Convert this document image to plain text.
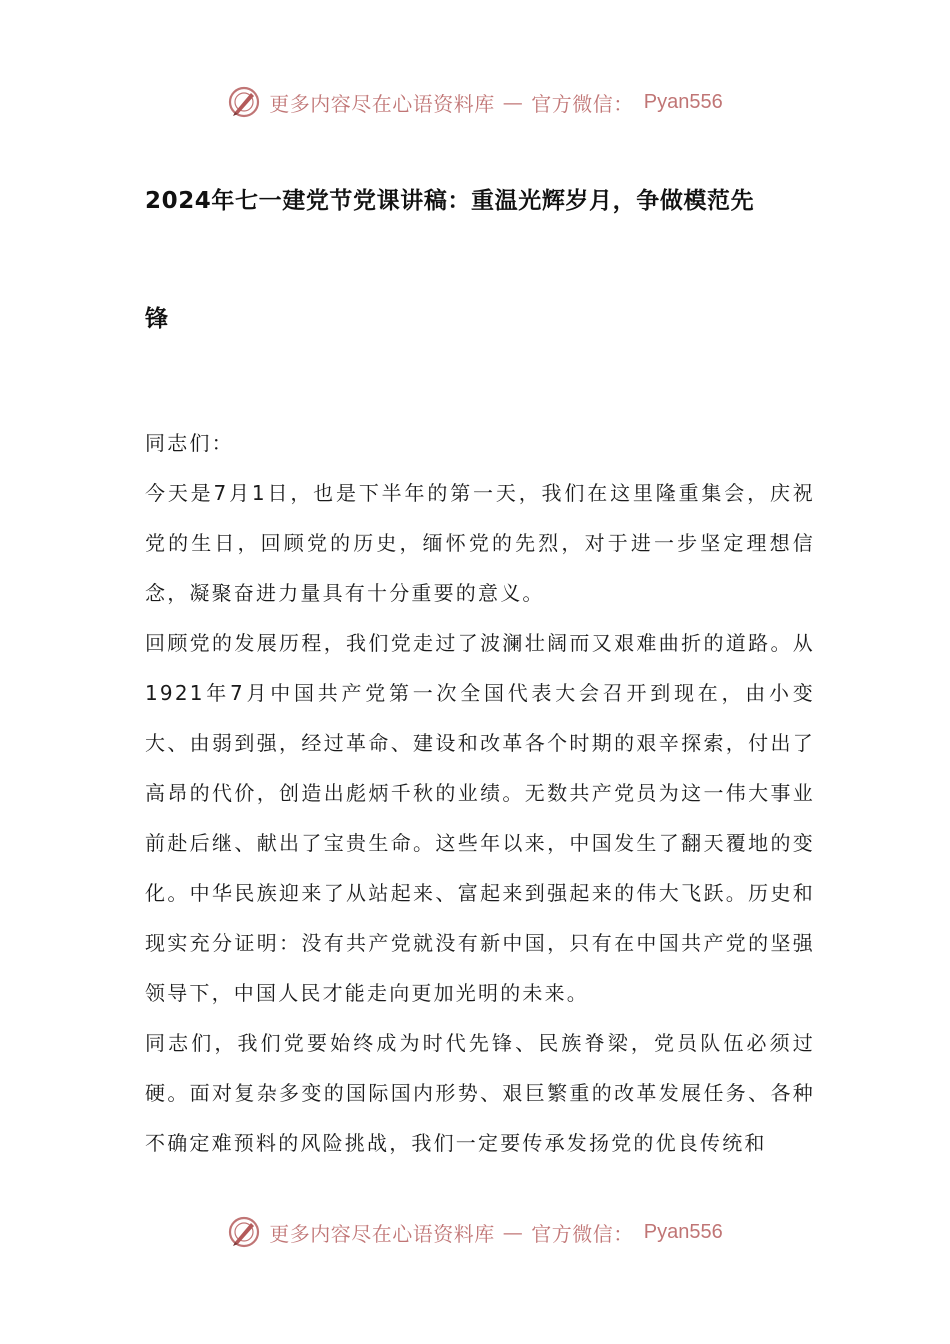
更多内容尽在心语资料库 — 官方微信： Pyan556
2024年七一建党节党课讲稿：重温光辉岁月，争做模范先
锋

同志们：

今天是7月1日，也是下半年的第一天，我们在这里隆重集会，庆祝党的生日，回顾党的历史，缅怀党的先烈，对于进一步坚定理想信念，凝聚奋进力量具有十分重要的意义。

回顾党的发展历程，我们党走过了波澜壮阔而又艰难曲折的道路。从1921年7月中国共产党第一次全国代表大会召开到现在，由小变大、由弱到强，经过革命、建设和改革各个时期的艰辛探索，付出了高昂的代价，创造出彪炳千秋的业绩。无数共产党员为这一伟大事业前赴后继、献出了宝贵生命。这些年以来，中国发生了翻天覆地的变化。中华民族迎来了从站起来、富起来到强起来的伟大飞跃。历史和现实充分证明：没有共产党就没有新中国，只有在中国共产党的坚强领导下，中国人民才能走向更加光明的未来。

同志们，我们党要始终成为时代先锋、民族脊梁，党员队伍必须过硬。面对复杂多变的国际国内形势、艰巨繁重的改革发展任务、各种不确定难预料的风险挑战，我们一定要传承发扬党的优良传统和

更多内容尽在心语资料库 — 官方微信： Pyan556
